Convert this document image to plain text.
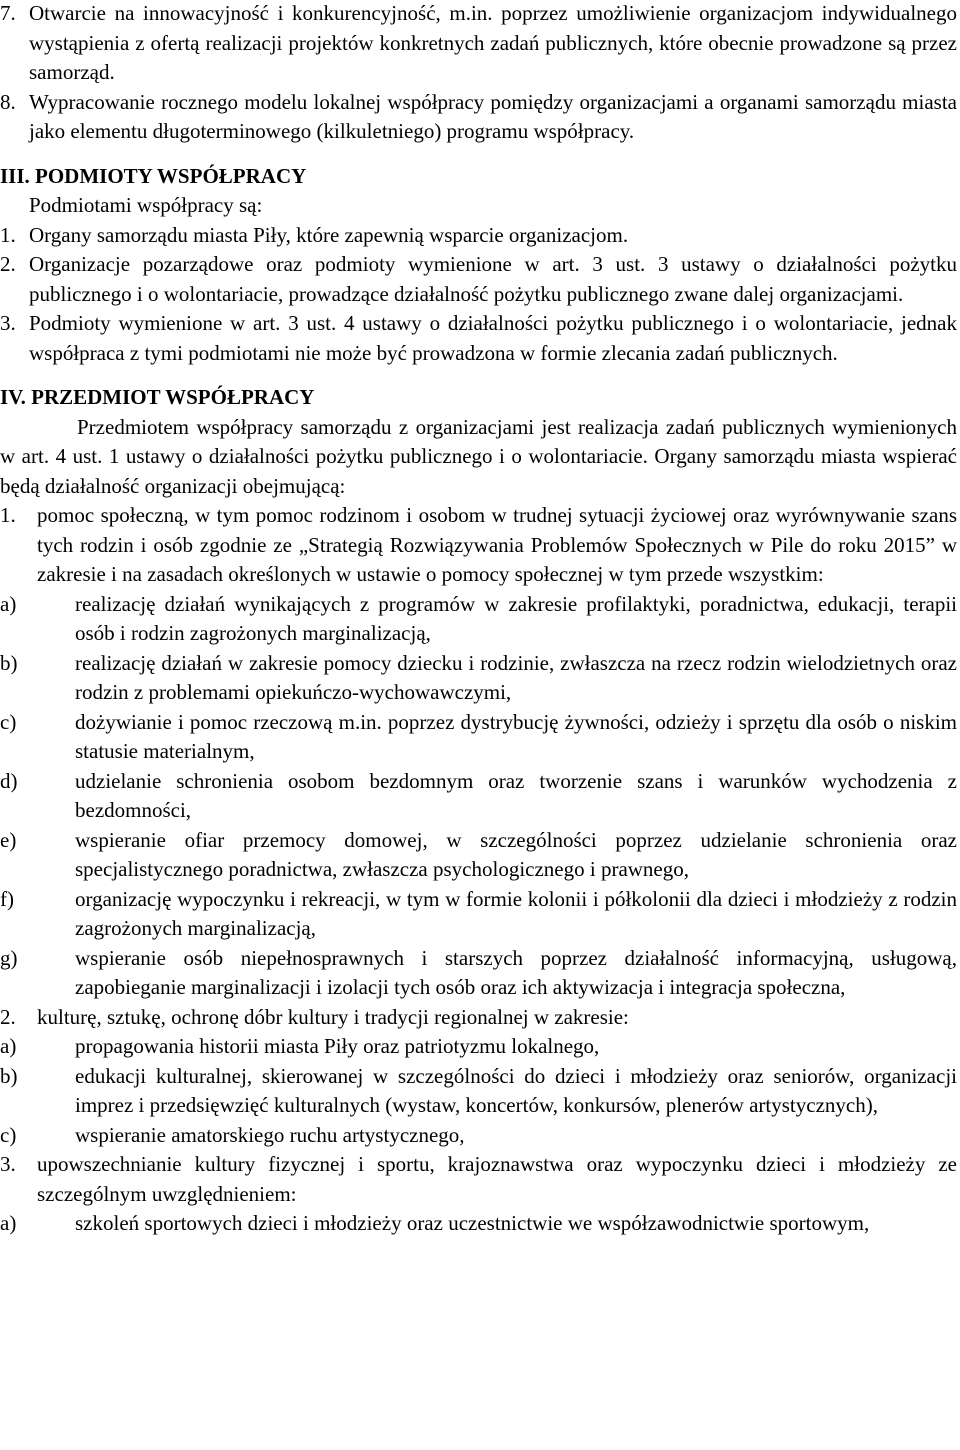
7. Otwarcie na innowacyjność i konkurencyjność, m.in. poprzez umożliwienie organizacjom indywidualnego wystąpienia z ofertą realizacji projektów konkretnych zadań publicznych, które obecnie prowadzone są przez samorząd.
8. Wypracowanie rocznego modelu lokalnej współpracy pomiędzy organizacjami a organami samorządu miasta jako elementu długoterminowego (kilkuletniego) programu współpracy.

III. PODMIOTY WSPÓŁPRACY

Podmiotami współpracy są:

1. Organy samorządu miasta Piły, które zapewnią wsparcie organizacjom.
2. Organizacje pozarządowe oraz podmioty wymienione w art. 3 ust. 3 ustawy o działalności pożytku publicznego i o wolontariacie, prowadzące działalność pożytku publicznego zwane dalej organizacjami.
3. Podmioty wymienione w art. 3 ust. 4 ustawy o działalności pożytku publicznego i o wolontariacie, jednak współpraca z tymi podmiotami nie może być prowadzona w formie zlecania zadań publicznych.

IV. PRZEDMIOT WSPÓŁPRACY

Przedmiotem współpracy samorządu z organizacjami jest realizacja zadań publicznych wymienionych w art. 4 ust. 1 ustawy o działalności pożytku publicznego i o wolontariacie. Organy samorządu miasta wspierać będą działalność organizacji obejmującą:

1.	pomoc społeczną, w tym pomoc rodzinom i osobom w trudnej sytuacji życiowej oraz wyrównywanie szans tych rodzin i osób zgodnie ze „Strategią Rozwiązywania Problemów Społecznych w Pile do roku 2015” w zakresie i na zasadach określonych w ustawie o pomocy społecznej w tym przede wszystkim:
a)	realizację działań wynikających z programów w zakresie profilaktyki, poradnictwa, edukacji, terapii osób i rodzin zagrożonych marginalizacją,
b)	realizację działań w zakresie pomocy dziecku i rodzinie, zwłaszcza na rzecz rodzin wielodzietnych oraz rodzin z problemami opiekuńczo-wychowawczymi,
c)	dożywianie i pomoc rzeczową m.in. poprzez dystrybucję żywności, odzieży i sprzętu dla osób o niskim statusie materialnym,
d)	udzielanie schronienia osobom bezdomnym oraz tworzenie szans i warunków wychodzenia z bezdomności,
e)	wspieranie ofiar przemocy domowej, w szczególności poprzez udzielanie schronienia oraz specjalistycznego poradnictwa, zwłaszcza psychologicznego i prawnego,
f)	organizację wypoczynku i rekreacji, w tym w formie kolonii i półkolonii dla dzieci i młodzieży z rodzin zagrożonych marginalizacją,
g)	wspieranie osób niepełnosprawnych i starszych poprzez działalność informacyjną, usługową, zapobieganie marginalizacji i izolacji tych osób oraz ich aktywizacja i integracja społeczna,
2.	kulturę, sztukę, ochronę dóbr kultury i tradycji regionalnej w zakresie:
a)	propagowania historii miasta Piły oraz patriotyzmu lokalnego,
b)	edukacji kulturalnej, skierowanej w szczególności do dzieci i młodzieży oraz seniorów, organizacji imprez i przedsięwzięć kulturalnych (wystaw, koncertów, konkursów, plenerów artystycznych),
c)	wspieranie amatorskiego ruchu artystycznego,
3.	upowszechnianie kultury fizycznej i sportu, krajoznawstwa oraz wypoczynku dzieci i młodzieży ze szczególnym uwzględnieniem:
a)	szkoleń sportowych dzieci i młodzieży oraz uczestnictwie we współzawodnictwie sportowym,
